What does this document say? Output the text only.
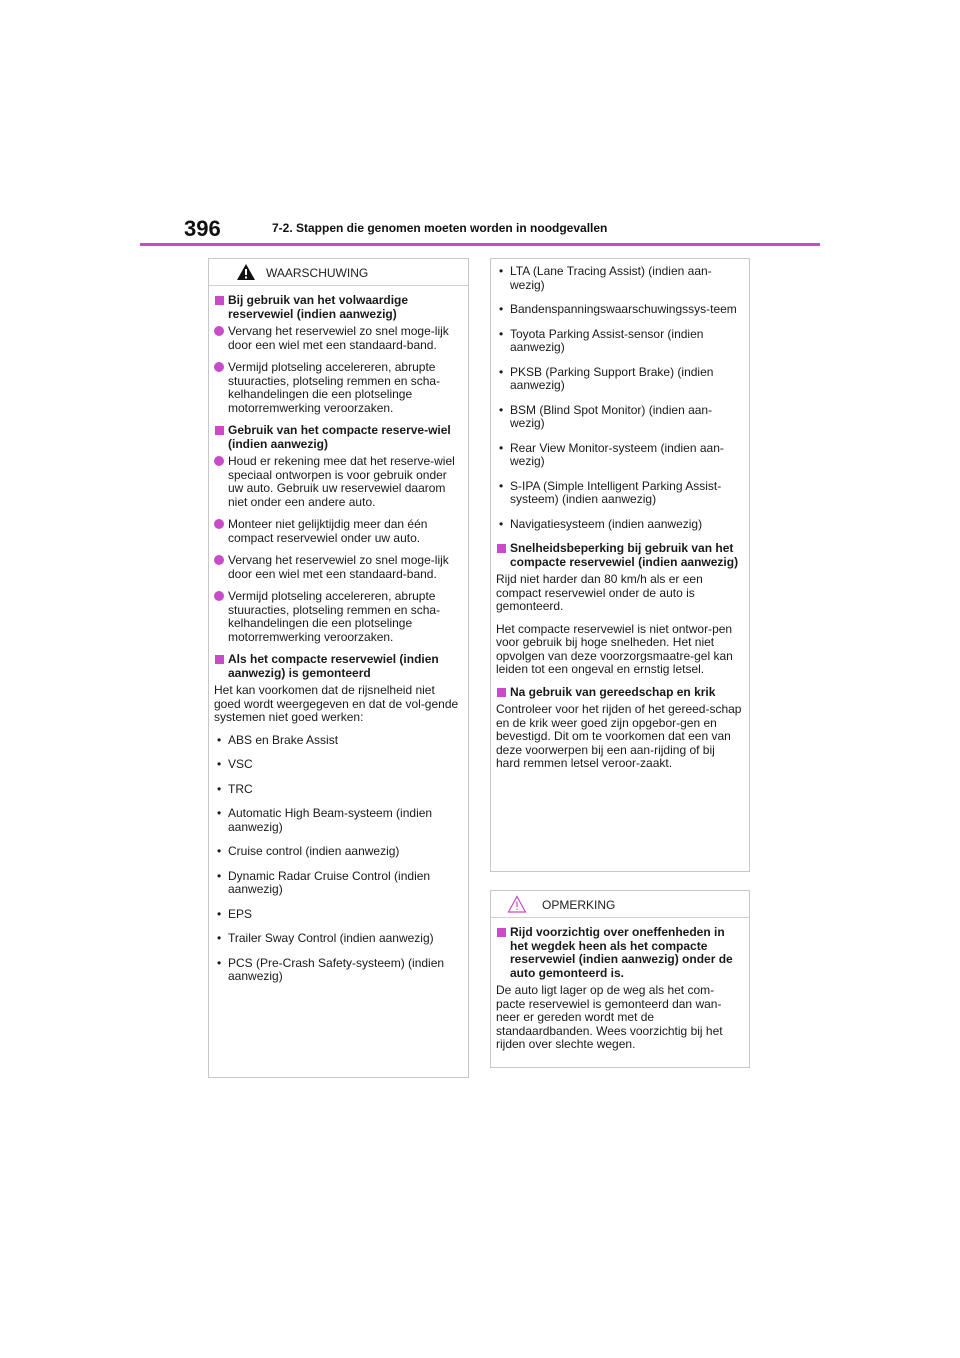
396	7-2. Stappen die genomen moeten worden in noodgevallen
WAARSCHUWING
Bij gebruik van het volwaardige reservewiel (indien aanwezig)
Vervang het reservewiel zo snel moge-lijk door een wiel met een standaard-band.
Vermijd plotseling accelereren, abrupte stuuracties, plotseling remmen en scha-kelhandelingen die een plotselinge motorremwerking veroorzaken.
Gebruik van het compacte reserve-wiel (indien aanwezig)
Houd er rekening mee dat het reserve-wiel speciaal ontworpen is voor gebruik onder uw auto. Gebruik uw reservewiel daarom niet onder een andere auto.
Monteer niet gelijktijdig meer dan één compact reservewiel onder uw auto.
Vervang het reservewiel zo snel moge-lijk door een wiel met een standaard-band.
Vermijd plotseling accelereren, abrupte stuuracties, plotseling remmen en scha-kelhandelingen die een plotselinge motorremwerking veroorzaken.
Als het compacte reservewiel (indien aanwezig) is gemonteerd
Het kan voorkomen dat de rijsnelheid niet goed wordt weergegeven en dat de vol-gende systemen niet goed werken:
• ABS en Brake Assist
• VSC
• TRC
• Automatic High Beam-systeem (indien aanwezig)
• Cruise control (indien aanwezig)
• Dynamic Radar Cruise Control (indien aanwezig)
• EPS
• Trailer Sway Control (indien aanwezig)
• PCS (Pre-Crash Safety-systeem) (indien aanwezig)
• LTA (Lane Tracing Assist) (indien aan-wezig)
• Bandenspanningswaarschuwingssys-teem
• Toyota Parking Assist-sensor (indien aanwezig)
• PKSB (Parking Support Brake) (indien aanwezig)
• BSM (Blind Spot Monitor) (indien aan-wezig)
• Rear View Monitor-systeem (indien aan-wezig)
• S-IPA (Simple Intelligent Parking Assist-systeem) (indien aanwezig)
• Navigatiesysteem (indien aanwezig)
Snelheidsbeperking bij gebruik van het compacte reservewiel (indien aanwezig)
Rijd niet harder dan 80 km/h als er een compact reservewiel onder de auto is gemonteerd.
Het compacte reservewiel is niet ontwor-pen voor gebruik bij hoge snelheden. Het niet opvolgen van deze voorzorgsmaatre-gel kan leiden tot een ongeval en ernstig letsel.
Na gebruik van gereedschap en krik
Controleer voor het rijden of het gereed-schap en de krik weer goed zijn opgebor-gen en bevestigd. Dit om te voorkomen dat een van deze voorwerpen bij een aan-rijding of bij hard remmen letsel veroor-zaakt.
OPMERKING
Rijd voorzichtig over oneffenheden in het wegdek heen als het compacte reservewiel (indien aanwezig) onder de auto gemonteerd is.
De auto ligt lager op de weg als het com-pacte reservewiel is gemonteerd dan wan-neer er gereden wordt met de standaardbanden. Wees voorzichtig bij het rijden over slechte wegen.
